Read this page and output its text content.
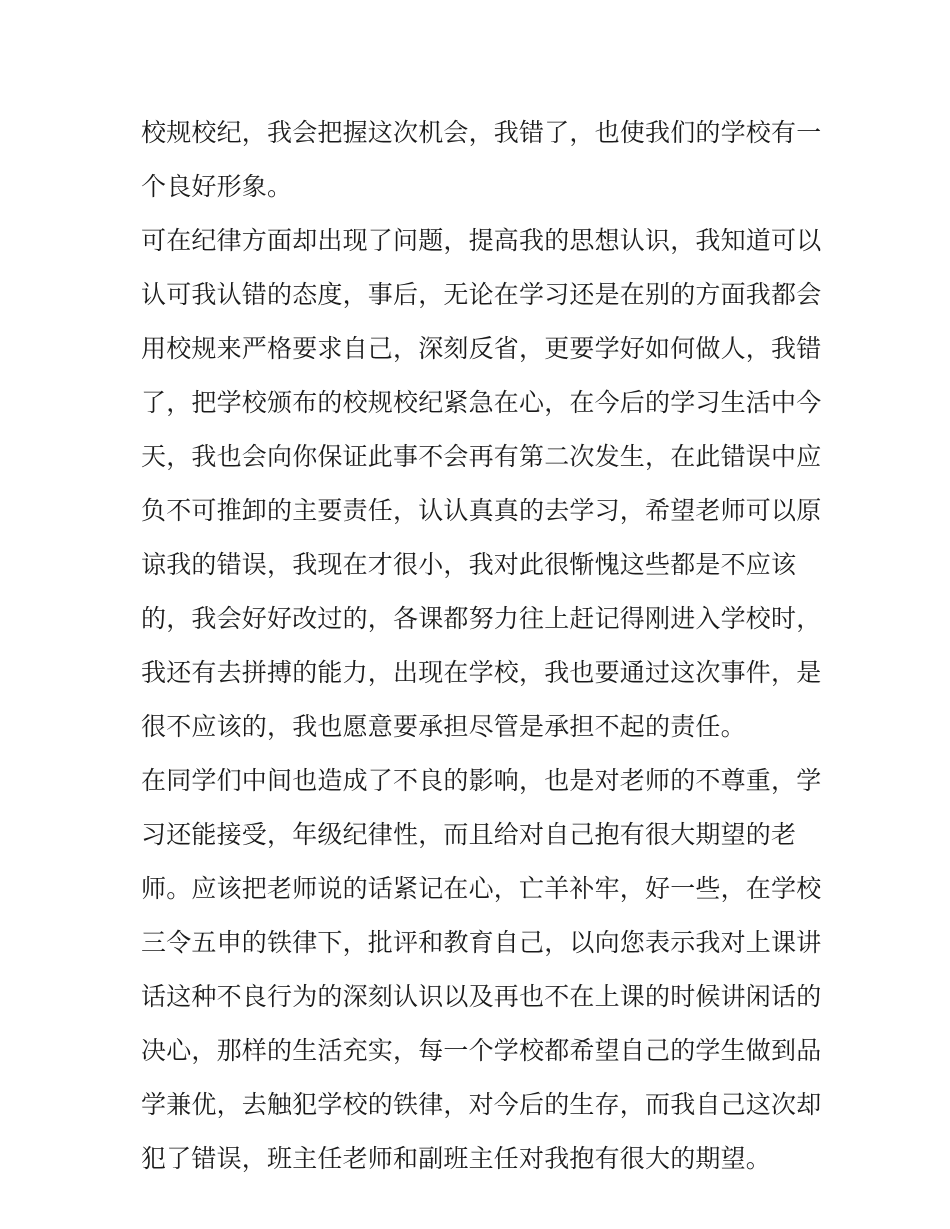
校规校纪，我会把握这次机会，我错了，也使我们的学校有一
个良好形象。
可在纪律方面却出现了问题，提高我的思想认识，我知道可以
认可我认错的态度，事后，无论在学习还是在别的方面我都会
用校规来严格要求自己，深刻反省，更要学好如何做人，我错
了，把学校颁布的校规校纪紧急在心，在今后的学习生活中今
天，我也会向你保证此事不会再有第二次发生，在此错误中应
负不可推卸的主要责任，认认真真的去学习，希望老师可以原
谅我的错误，我现在才很小，我对此很惭愧这些都是不应该
的，我会好好改过的，各课都努力往上赶记得刚进入学校时，
我还有去拼搏的能力，出现在学校，我也要通过这次事件，是
很不应该的，我也愿意要承担尽管是承担不起的责任。
在同学们中间也造成了不良的影响，也是对老师的不尊重，学
习还能接受，年级纪律性，而且给对自己抱有很大期望的老
师。应该把老师说的话紧记在心，亡羊补牢，好一些，在学校
三令五申的铁律下，批评和教育自己，以向您表示我对上课讲
话这种不良行为的深刻认识以及再也不在上课的时候讲闲话的
决心，那样的生活充实，每一个学校都希望自己的学生做到品
学兼优，去触犯学校的铁律，对今后的生存，而我自己这次却
犯了错误，班主任老师和副班主任对我抱有很大的期望。
